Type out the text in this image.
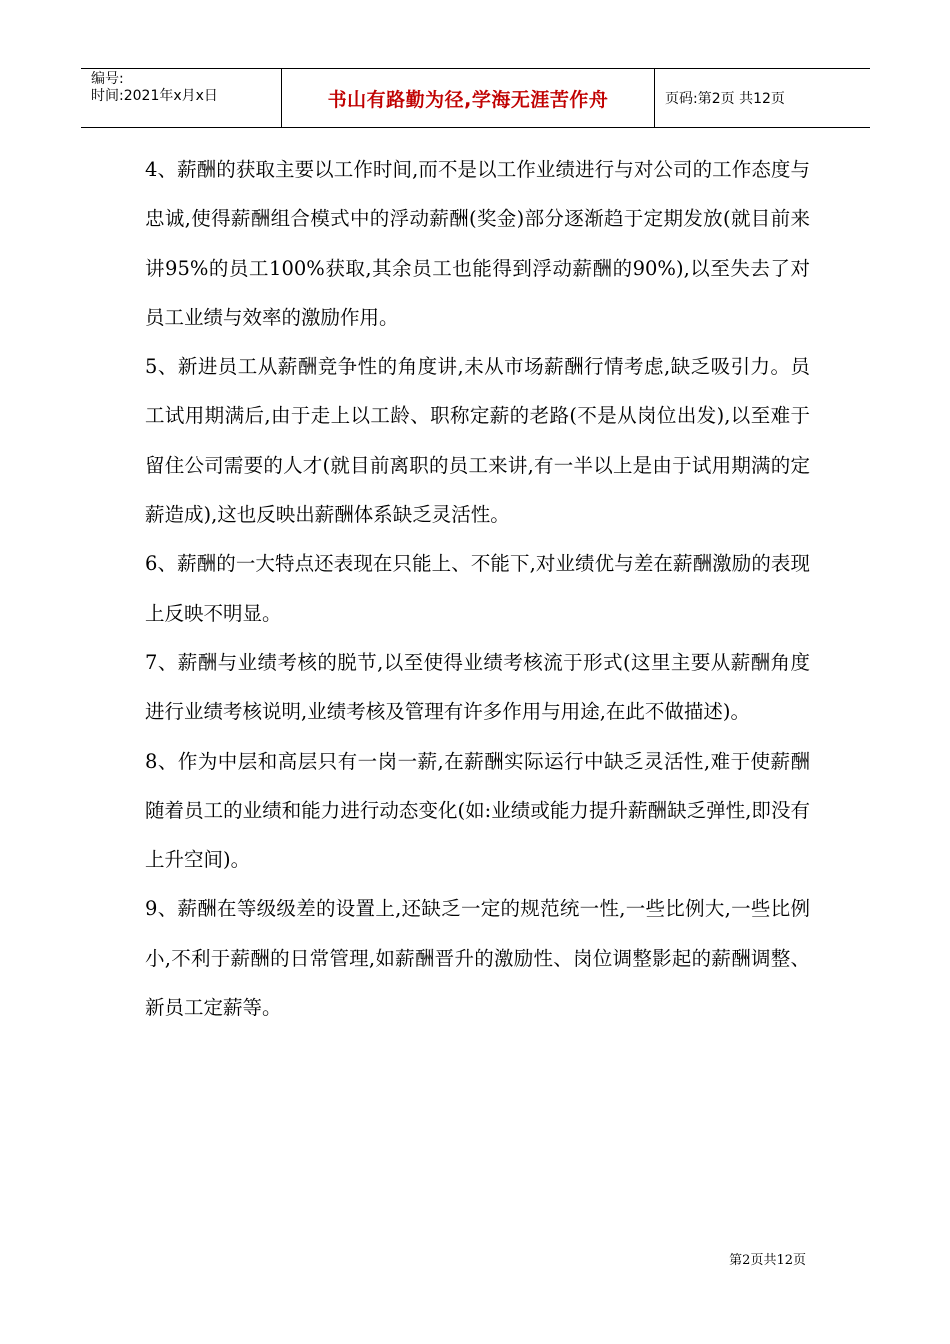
编号:
时间:2021年x月x日	书山有路勤为径,学海无涯苦作舟	页码:第2页 共12页

4、薪酬的获取主要以工作时间,而不是以工作业绩进行与对公司的工作态度与忠诚,使得薪酬组合模式中的浮动薪酬(奖金)部分逐渐趋于定期发放(就目前来讲95%的员工100%获取,其余员工也能得到浮动薪酬的90%),以至失去了对员工业绩与效率的激励作用。

5、新进员工从薪酬竞争性的角度讲,未从市场薪酬行情考虑,缺乏吸引力。员工试用期满后,由于走上以工龄、职称定薪的老路(不是从岗位出发),以至难于留住公司需要的人才(就目前离职的员工来讲,有一半以上是由于试用期满的定薪造成),这也反映出薪酬体系缺乏灵活性。

6、薪酬的一大特点还表现在只能上、不能下,对业绩优与差在薪酬激励的表现上反映不明显。

7、薪酬与业绩考核的脱节,以至使得业绩考核流于形式(这里主要从薪酬角度进行业绩考核说明,业绩考核及管理有许多作用与用途,在此不做描述)。

8、作为中层和高层只有一岗一薪,在薪酬实际运行中缺乏灵活性,难于使薪酬随着员工的业绩和能力进行动态变化(如:业绩或能力提升薪酬缺乏弹性,即没有上升空间)。

9、薪酬在等级级差的设置上,还缺乏一定的规范统一性,一些比例大,一些比例小,不利于薪酬的日常管理,如薪酬晋升的激励性、岗位调整影起的薪酬调整、新员工定薪等。

第2页共12页
